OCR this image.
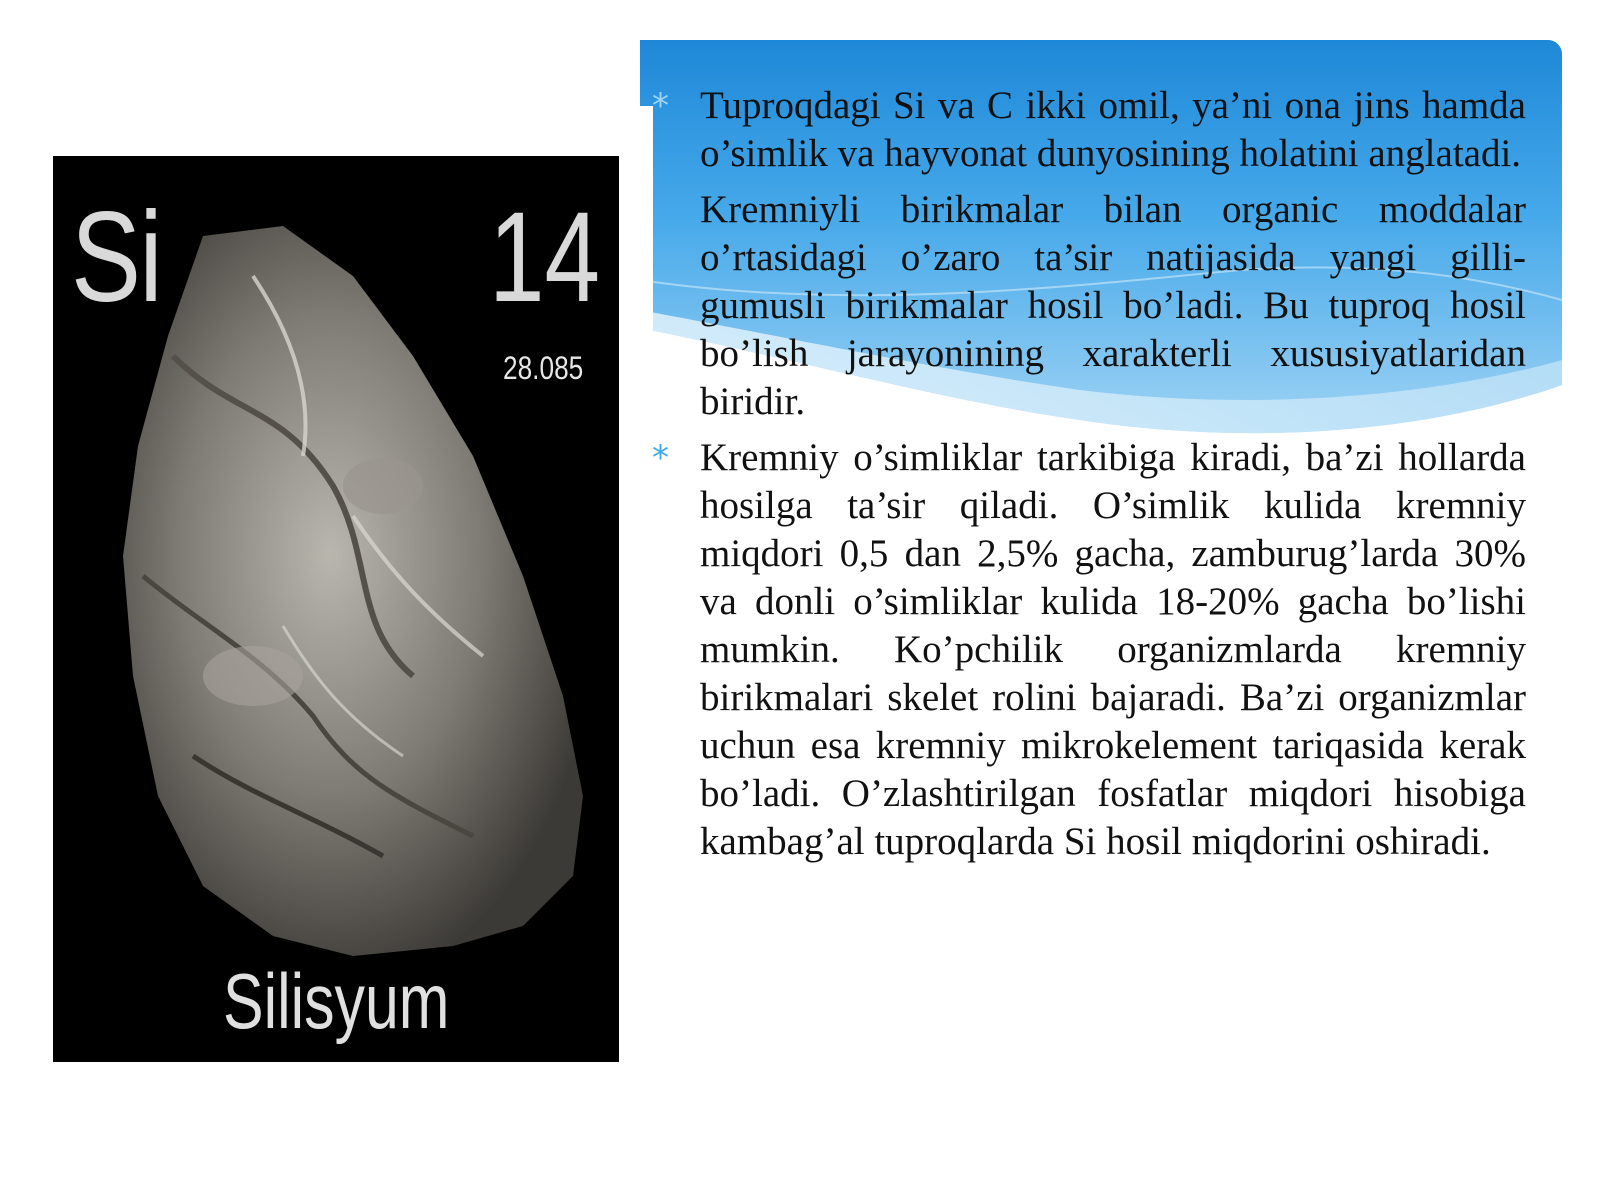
Si	14
28.085
Silisyum

* Tuproqdagi Si va C ikki omil, ya’ni ona jins hamda o’simlik va hayvonat dunyosining holatini anglatadi.

Kremniyli birikmalar bilan organic moddalar o’rtasidagi o’zaro ta’sir natijasida yangi gilli-gumusli birikmalar hosil bo’ladi. Bu tuproq hosil bo’lish jarayonining xarakterli xususiyatlaridan biridir.

* Kremniy o’simliklar tarkibiga kiradi, ba’zi hollarda hosilga ta’sir qiladi. O’simlik kulida kremniy miqdori 0,5 dan 2,5% gacha, zamburug’larda 30% va donli o’simliklar kulida 18-20% gacha bo’lishi mumkin. Ko’pchilik organizmlarda kremniy birikmalari skelet rolini bajaradi. Ba’zi organizmlar uchun esa kremniy mikrokelement tariqasida kerak bo’ladi. O’zlashtirilgan fosfatlar miqdori hisobiga kambag’al tuproqlarda Si hosil miqdorini oshiradi.
